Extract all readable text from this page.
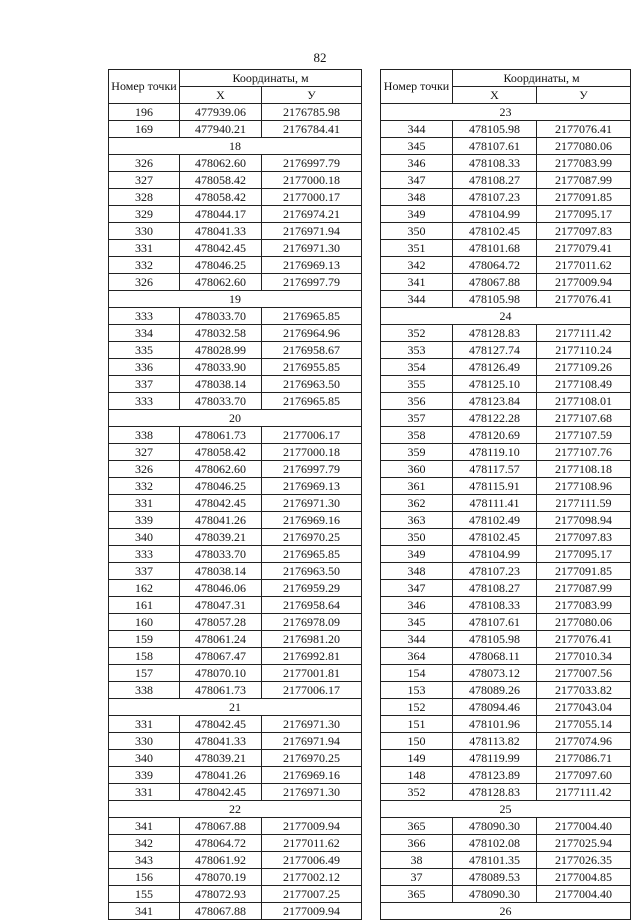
82
Номер точки	Координаты, м	
	X	У
196	477939.06	2176785.98
169	477940.21	2176784.41
18		
326	478062.60	2176997.79
327	478058.42	2177000.18
328	478058.42	2177000.17
329	478044.17	2176974.21
330	478041.33	2176971.94
331	478042.45	2176971.30
332	478046.25	2176969.13
326	478062.60	2176997.79
19		
333	478033.70	2176965.85
334	478032.58	2176964.96
335	478028.99	2176958.67
336	478033.90	2176955.85
337	478038.14	2176963.50
333	478033.70	2176965.85
20		
338	478061.73	2177006.17
327	478058.42	2177000.18
326	478062.60	2176997.79
332	478046.25	2176969.13
331	478042.45	2176971.30
339	478041.26	2176969.16
340	478039.21	2176970.25
333	478033.70	2176965.85
337	478038.14	2176963.50
162	478046.06	2176959.29
161	478047.31	2176958.64
160	478057.28	2176978.09
159	478061.24	2176981.20
158	478067.47	2176992.81
157	478070.10	2177001.81
338	478061.73	2177006.17
21		
331	478042.45	2176971.30
330	478041.33	2176971.94
340	478039.21	2176970.25
339	478041.26	2176969.16
331	478042.45	2176971.30
22		
341	478067.88	2177009.94
342	478064.72	2177011.62
343	478061.92	2177006.49
156	478070.19	2177002.12
155	478072.93	2177007.25
341	478067.88	2177009.94
Номер точки	Координаты, м	
	X	У
23		
344	478105.98	2177076.41
345	478107.61	2177080.06
346	478108.33	2177083.99
347	478108.27	2177087.99
348	478107.23	2177091.85
349	478104.99	2177095.17
350	478102.45	2177097.83
351	478101.68	2177079.41
342	478064.72	2177011.62
341	478067.88	2177009.94
344	478105.98	2177076.41
24		
352	478128.83	2177111.42
353	478127.74	2177110.24
354	478126.49	2177109.26
355	478125.10	2177108.49
356	478123.84	2177108.01
357	478122.28	2177107.68
358	478120.69	2177107.59
359	478119.10	2177107.76
360	478117.57	2177108.18
361	478115.91	2177108.96
362	478111.41	2177111.59
363	478102.49	2177098.94
350	478102.45	2177097.83
349	478104.99	2177095.17
348	478107.23	2177091.85
347	478108.27	2177087.99
346	478108.33	2177083.99
345	478107.61	2177080.06
344	478105.98	2177076.41
364	478068.11	2177010.34
154	478073.12	2177007.56
153	478089.26	2177033.82
152	478094.46	2177043.04
151	478101.96	2177055.14
150	478113.82	2177074.96
149	478119.99	2177086.71
148	478123.89	2177097.60
352	478128.83	2177111.42
25		
365	478090.30	2177004.40
366	478102.08	2177025.94
38	478101.35	2177026.35
37	478089.53	2177004.85
365	478090.30	2177004.40
26		
